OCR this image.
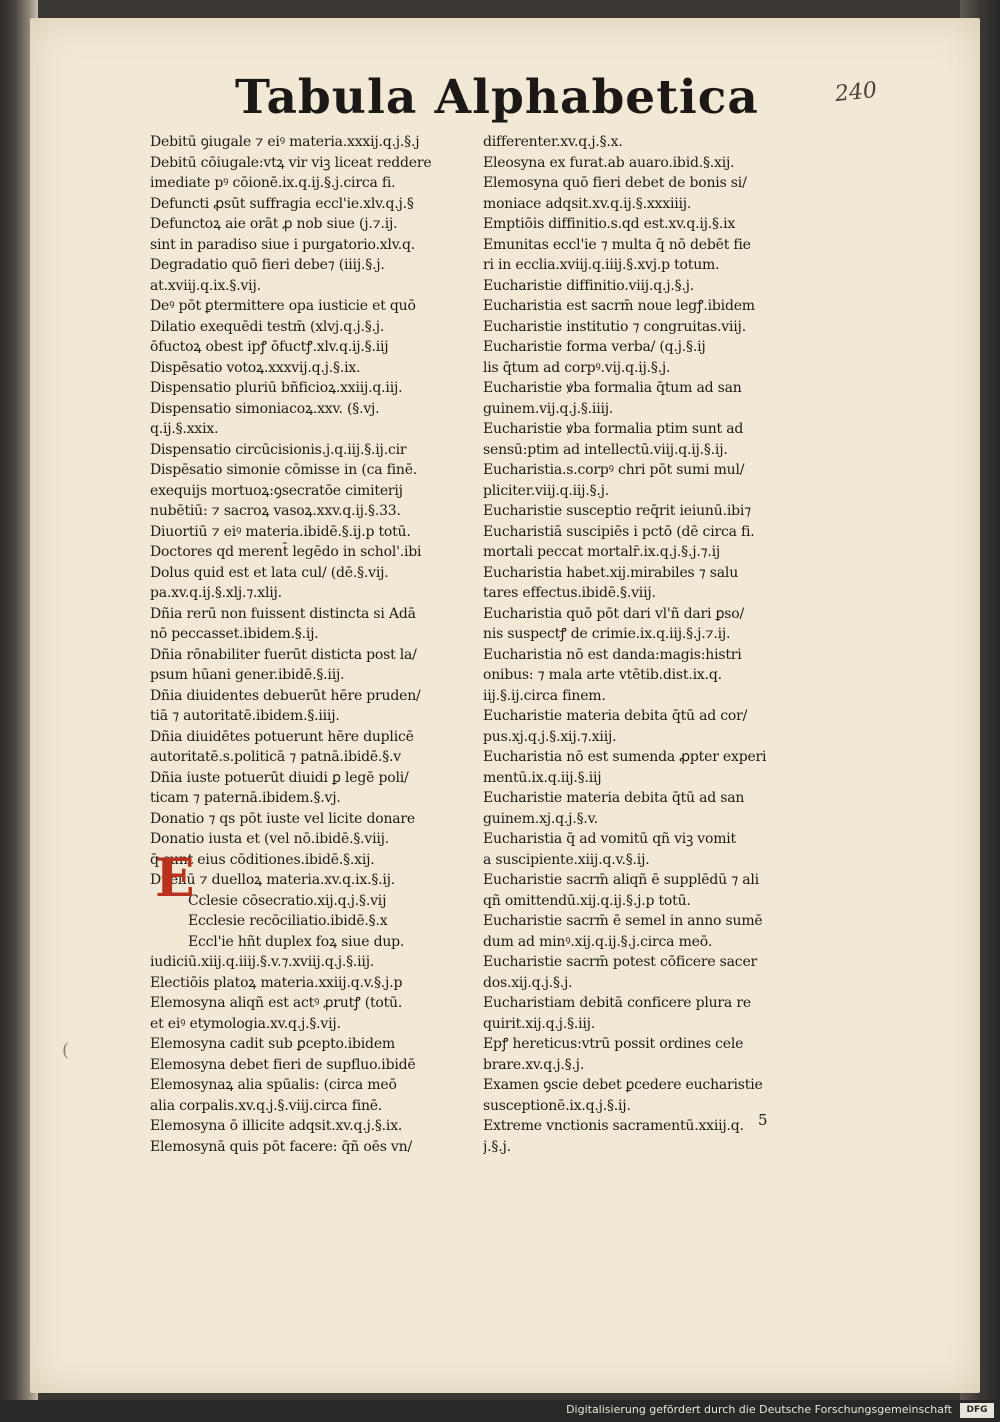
Tabula Alphabetica	240
Debitū ꝯiugale ⁊ eiꝰ materia.xxxij.q.j.§.j
Debitū cōiugale:vtꝝ vir viꝫ liceat reddere
imediate pꝰ cōionē.ix.q.ij.§.j.circa fi.
Defuncti ꝓsūt suffragia eccl'ie.xlv.q.j.§
Defunctoꝝ aie orāt ꝓ nob siue (j.⁊.ij.
sint in paradiso siue i purgatorio.xlv.q.
Degradatio quō fieri debe⁊ (iiij.§.j.
at.xviij.q.ix.§.vij.
Deꝰ pōt ꝑtermittere opa iusticie et quō
Dilatio exequēdi testm̄ (xlvj.q.j.§.j.
ōfuctoꝝ obest ipꝭ ōfuctꝭ.xlv.q.ij.§.iij
Dispēsatio votoꝝ.xxxvij.q.j.§.ix.
Dispensatio pluriū bñficioꝝ.xxiij.q.iij.
Dispensatio simoniacoꝝ.xxv. (§.vj.
q.ij.§.xxix.
Dispensatio circūcisionis.j.q.iij.§.ij.cir
Dispēsatio simonie cōmisse in (ca finē.
exequijs mortuoꝝ:ꝯsecratōe cimiterij
nubētiū: ⁊ sacroꝝ vasoꝝ.xxv.q.ij.§.33.
Diuortiū ⁊ eiꝰ materia.ibidē.§.ij.p totū.
Doctores qd merent̄ legēdo in schol'.ibi
Dolus quid est et lata cul/ (dē.§.vij.
pa.xv.q.ij.§.xlj.⁊.xlij.
Dñia rerū non fuissent distincta si Adā
nō peccasset.ibidem.§.ij.
Dñia rōnabiliter fuerūt disticta post la/
psum hūani gener.ibidē.§.iij.
Dñia diuidentes debuerūt hēre pruden/
tiā ⁊ autoritatē.ibidem.§.iiij.
Dñia diuidētes potuerunt hēre duplicē
autoritatē.s.politicā ⁊ patnā.ibidē.§.v
Dñia iuste potuerūt diuidi ꝑ legē poli/
ticam ⁊ paternā.ibidem.§.vj.
Donatio ⁊ qs pōt iuste vel licite donare
Donatio iusta et (vel nō.ibidē.§.viij.
q̄ sunt eius cōditiones.ibidē.§.xij.
Duellū ⁊ duelloꝝ materia.xv.q.ix.§.ij.
Cclesie cōsecratio.xij.q.j.§.vij
Ecclesie recōciliatio.ibidē.§.x
Eccl'ie hñt duplex foꝝ siue dup.
iudiciū.xiij.q.iiij.§.v.⁊.xviij.q.j.§.iij.
Electiōis platoꝝ materia.xxiij.q.v.§.j.p
Elemosyna aliqñ est actꝰ ꝓrutꝭ (totū.
et eiꝰ etymologia.xv.q.j.§.vij.
Elemosyna cadit sub ꝑcepto.ibidem
Elemosyna debet fieri de supfluo.ibidē
Elemosynaꝝ alia spūalis: (circa meō
alia corpalis.xv.q.j.§.viij.circa finē.
Elemosyna ō illicite adqsit.xv.q.j.§.ix.
Elemosynā quis pōt facere: q̄ñ oēs vn/
E
differenter.xv.q.j.§.x.
Eleosyna ex furat.ab auaro.ibid.§.xij.
Elemosyna quō fieri debet de bonis si/
moniace adqsit.xv.q.ij.§.xxxiiij.
Emptiōis diffinitio.s.qd est.xv.q.ij.§.ix
Emunitas eccl'ie ⁊ multa q̄ nō debēt fie
ri in ecclia.xviij.q.iiij.§.xvj.p totum.
Eucharistie diffinitio.viij.q.j.§.j.
Eucharistia est sacrm̄ noue legꝭ.ibidem
Eucharistie institutio ⁊ congruitas.viij.
Eucharistie forma verba/ (q.j.§.ij
lis q̄tum ad corpꝰ.vij.q.ij.§.j.
Eucharistie ꝟba formalia q̄tum ad san
guinem.vij.q.j.§.iiij.
Eucharistie ꝟba formalia ptim sunt ad
sensū:ptim ad intellectū.viij.q.ij.§.ij.
Eucharistia.s.corpꝰ chri pōt sumi mul/
pliciter.viij.q.iij.§.j.
Eucharistie susceptio req̄rit ieiunū.ibi⁊
Eucharistiā suscipiēs i pctō (dē circa fi.
mortali peccat mortalr̄.ix.q.j.§.j.⁊.ij
Eucharistia habet.xij.mirabiles ⁊ salu
tares effectus.ibidē.§.viij.
Eucharistia quō pōt dari vl'ñ dari ꝑso/
nis suspectꝭ de crimie.ix.q.iij.§.j.⁊.ij.
Eucharistia nō est danda:magis:histri
onibus: ⁊ mala arte vtētib.dist.ix.q.
iij.§.ij.circa finem.
Eucharistie materia debita q̄tū ad cor/
pus.xj.q.j.§.xij.⁊.xiij.
Eucharistia nō est sumenda ꝓpter experi
mentū.ix.q.iij.§.iij
Eucharistie materia debita q̄tū ad san
guinem.xj.q.j.§.v.
Eucharistia q̄ ad vomitū qñ viꝫ vomit
a suscipiente.xiij.q.v.§.ij.
Eucharistie sacrm̄ aliqñ ē supplēdū ⁊ ali
qñ omittendū.xij.q.ij.§.j.p totū.
Eucharistie sacrm̄ ē semel in anno sumē
dum ad minꝰ.xij.q.ij.§.j.circa meō.
Eucharistie sacrm̄ potest cōficere sacer
dos.xij.q.j.§.j.
Eucharistiam debitā conficere plura re
quirit.xij.q.j.§.iij.
Epꝭ hereticus:vtrū possit ordines cele
brare.xv.q.j.§.j.
Examen ꝯscie debet ꝑcedere eucharistie
susceptionē.ix.q.j.§.ij.
Extreme vnctionis sacramentū.xxiij.q.
j.§.j.
5
(
Digitalisierung gefördert durch die Deutsche Forschungsgemeinschaft	DFG
